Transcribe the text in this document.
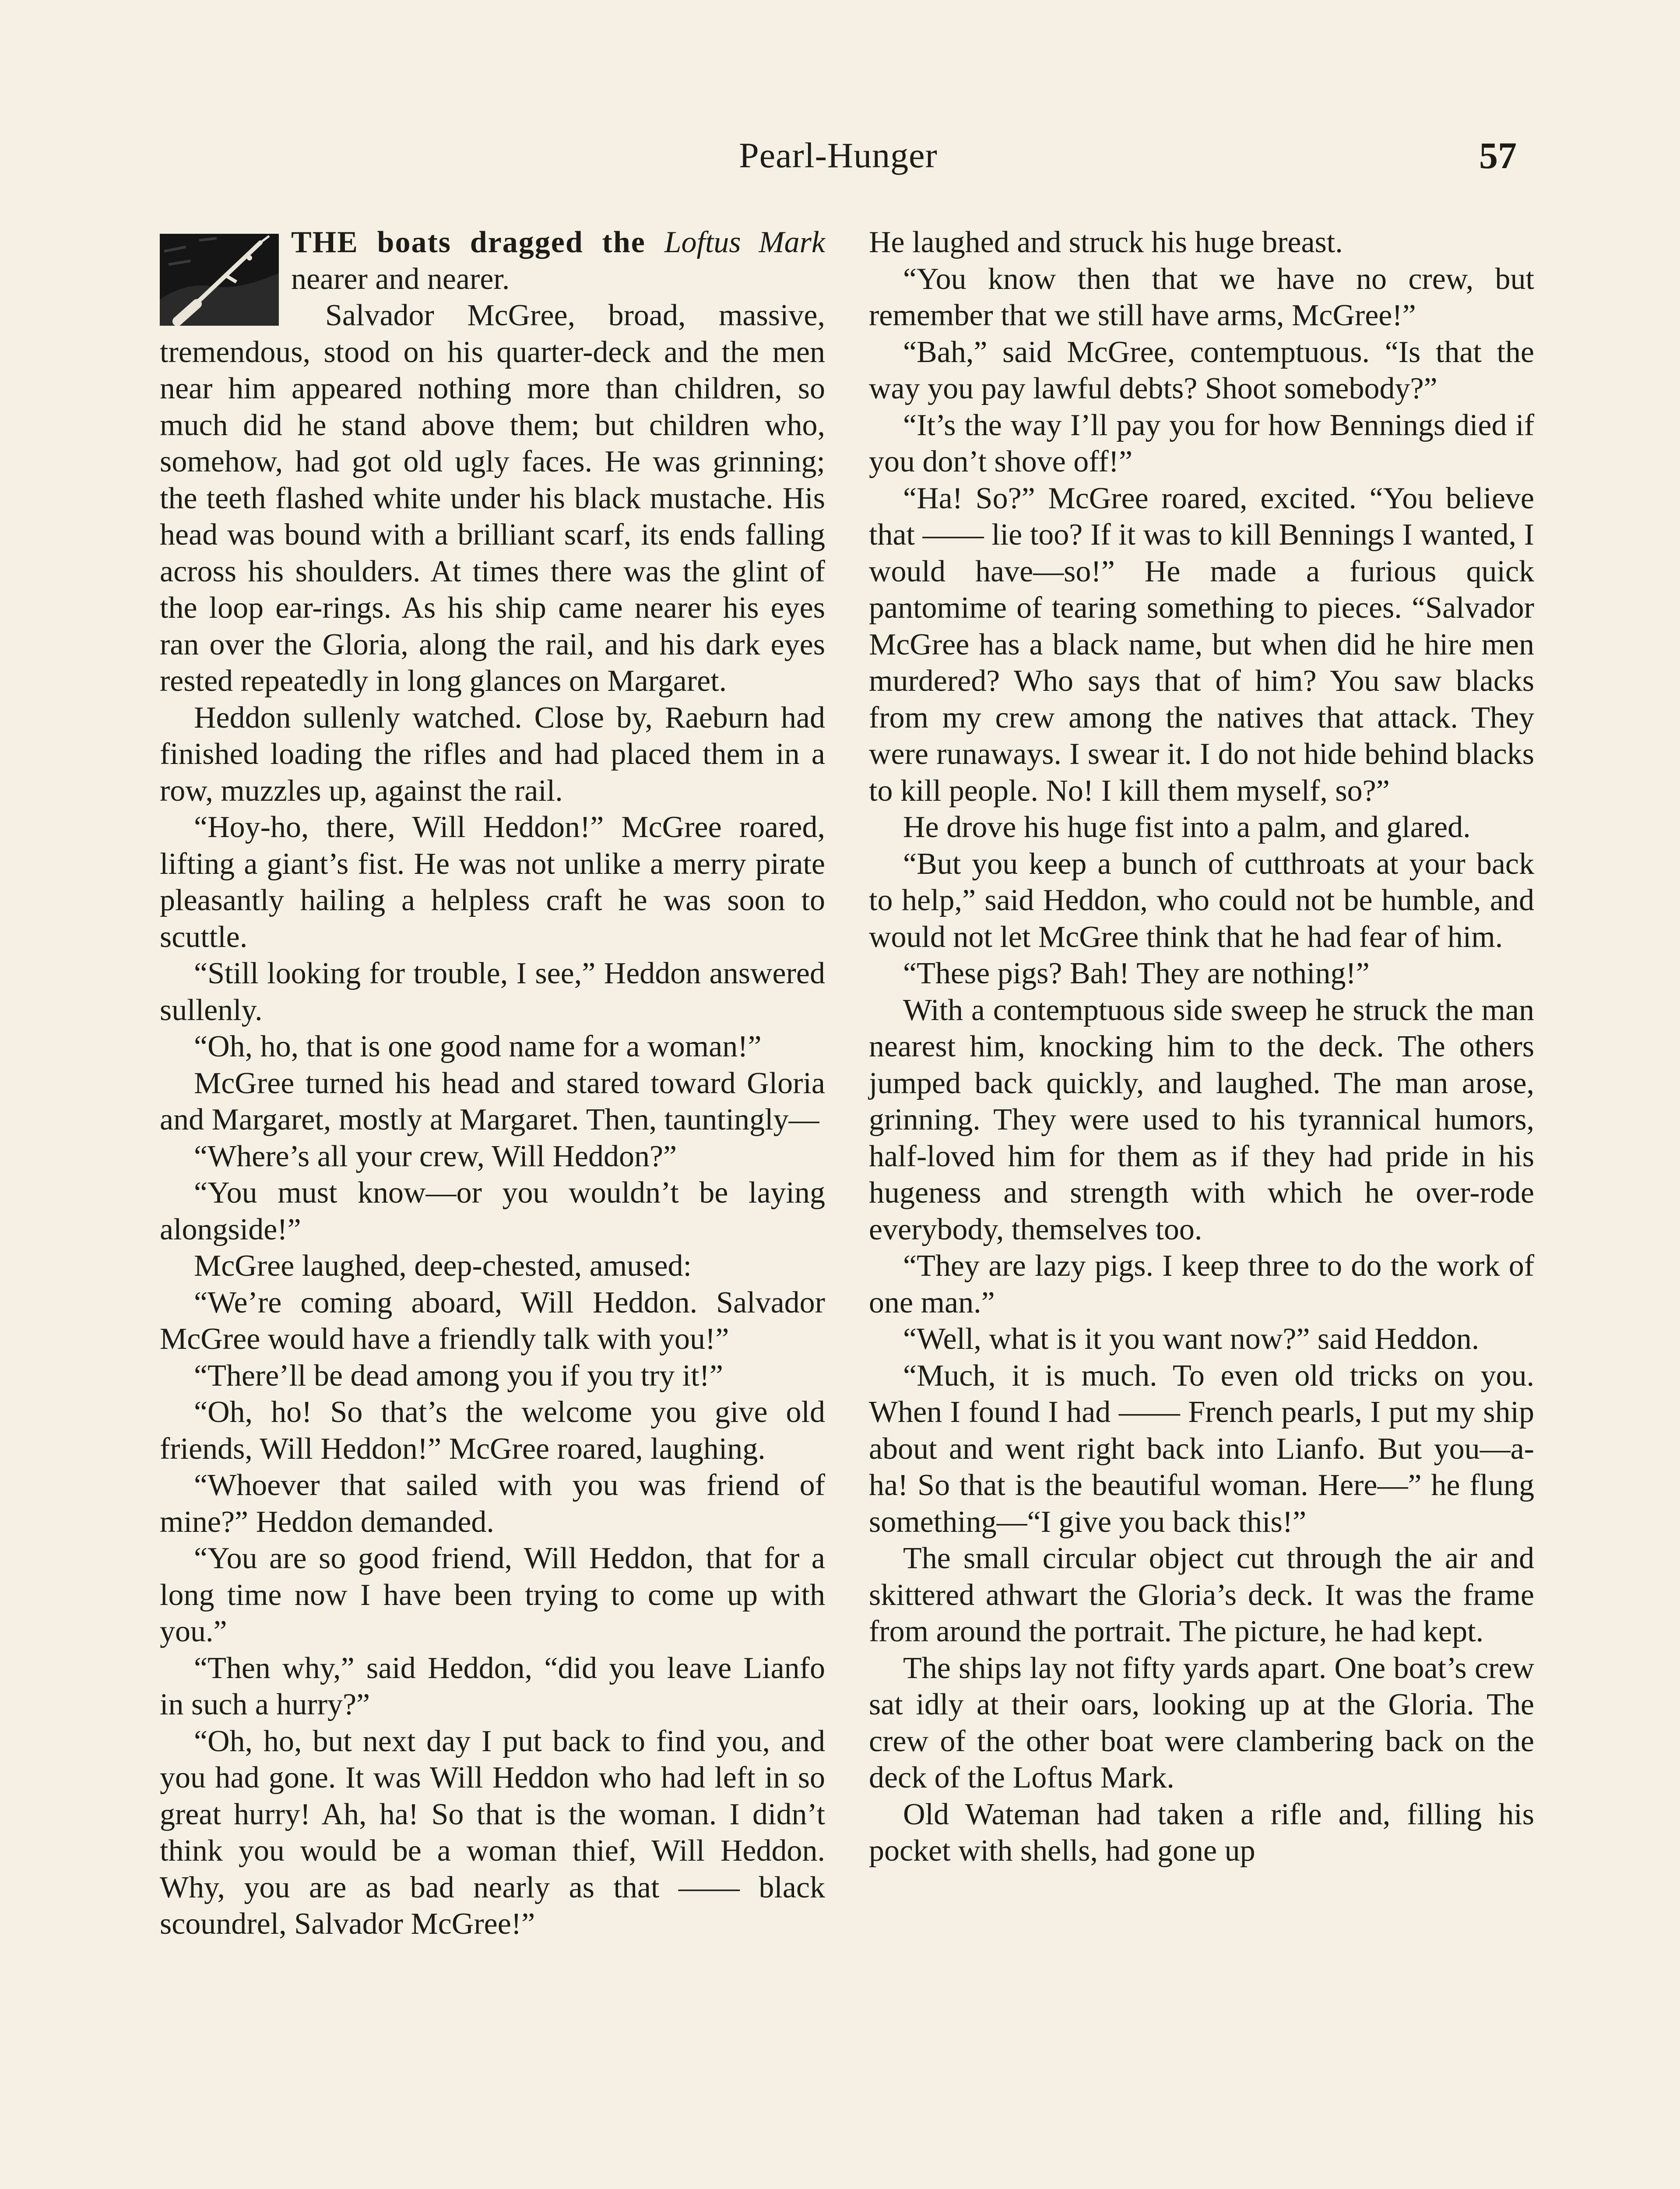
Pearl-Hunger	57

THE boats dragged the Loftus Mark nearer and nearer.

Salvador McGree, broad, massive, tremendous, stood on his quarter-deck and the men near him appeared nothing more than children, so much did he stand above them; but children who, somehow, had got old ugly faces. He was grinning; the teeth flashed white under his black mustache. His head was bound with a brilliant scarf, its ends falling across his shoulders. At times there was the glint of the loop ear-rings. As his ship came nearer his eyes ran over the Gloria, along the rail, and his dark eyes rested repeatedly in long glances on Margaret.

Heddon sullenly watched. Close by, Raeburn had finished loading the rifles and had placed them in a row, muzzles up, against the rail.

“Hoy-ho, there, Will Heddon!” McGree roared, lifting a giant’s fist. He was not unlike a merry pirate pleasantly hailing a helpless craft he was soon to scuttle.

“Still looking for trouble, I see,” Heddon answered sullenly.

“Oh, ho, that is one good name for a woman!”

McGree turned his head and stared toward Gloria and Margaret, mostly at Margaret. Then, tauntingly—

“Where’s all your crew, Will Heddon?”

“You must know—or you wouldn’t be laying alongside!”

McGree laughed, deep-chested, amused:

“We’re coming aboard, Will Heddon. Salvador McGree would have a friendly talk with you!”

“There’ll be dead among you if you try it!”

“Oh, ho! So that’s the welcome you give old friends, Will Heddon!” McGree roared, laughing.

“Whoever that sailed with you was friend of mine?” Heddon demanded.

“You are so good friend, Will Heddon, that for a long time now I have been trying to come up with you.”

“Then why,” said Heddon, “did you leave Lianfo in such a hurry?”

“Oh, ho, but next day I put back to find you, and you had gone. It was Will Heddon who had left in so great hurry! Ah, ha! So that is the woman. I didn’t think you would be a woman thief, Will Heddon. Why, you are as bad nearly as that —— black scoundrel, Salvador McGree!”

He laughed and struck his huge breast.

“You know then that we have no crew, but remember that we still have arms, McGree!”

“Bah,” said McGree, contemptuous. “Is that the way you pay lawful debts? Shoot somebody?”

“It’s the way I’ll pay you for how Bennings died if you don’t shove off!”

“Ha! So?” McGree roared, excited. “You believe that —— lie too? If it was to kill Bennings I wanted, I would have—so!” He made a furious quick pantomime of tearing something to pieces. “Salvador McGree has a black name, but when did he hire men murdered? Who says that of him? You saw blacks from my crew among the natives that attack. They were runaways. I swear it. I do not hide behind blacks to kill people. No! I kill them myself, so?”

He drove his huge fist into a palm, and glared.

“But you keep a bunch of cutthroats at your back to help,” said Heddon, who could not be humble, and would not let McGree think that he had fear of him.

“These pigs? Bah! They are nothing!”

With a contemptuous side sweep he struck the man nearest him, knocking him to the deck. The others jumped back quickly, and laughed. The man arose, grinning. They were used to his tyrannical humors, half-loved him for them as if they had pride in his hugeness and strength with which he over-rode everybody, themselves too.

“They are lazy pigs. I keep three to do the work of one man.”

“Well, what is it you want now?” said Heddon.

“Much, it is much. To even old tricks on you. When I found I had —— French pearls, I put my ship about and went right back into Lianfo. But you—a-ha! So that is the beautiful woman. Here—” he flung something—“I give you back this!”

The small circular object cut through the air and skittered athwart the Gloria’s deck. It was the frame from around the portrait. The picture, he had kept.

The ships lay not fifty yards apart. One boat’s crew sat idly at their oars, looking up at the Gloria. The crew of the other boat were clambering back on the deck of the Loftus Mark.

Old Wateman had taken a rifle and, filling his pocket with shells, had gone up
